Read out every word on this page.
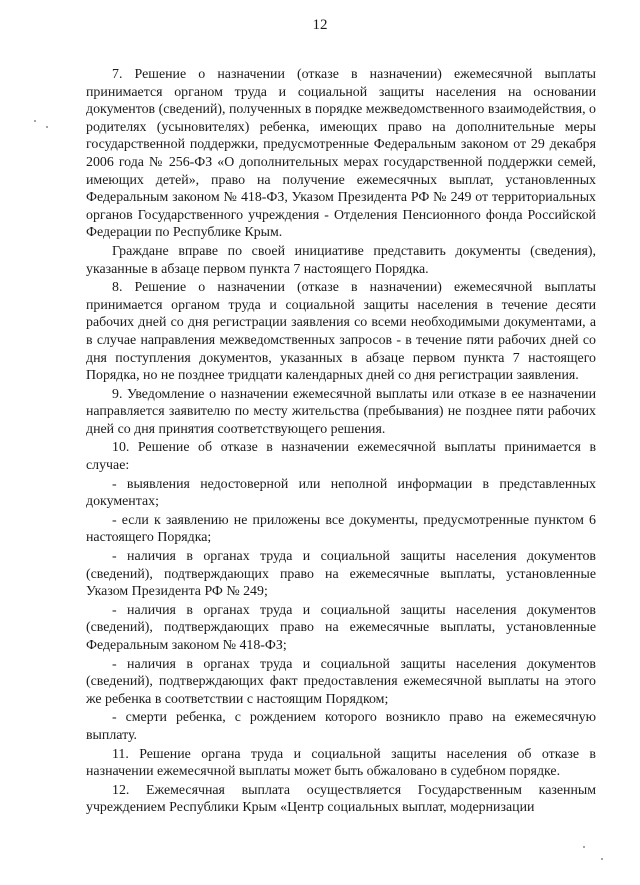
12

7. Решение о назначении (отказе в назначении) ежемесячной выплаты принимается органом труда и социальной защиты населения на основании документов (сведений), полученных в порядке межведомственного взаимодействия, о родителях (усыновителях) ребенка, имеющих право на дополнительные меры государственной поддержки, предусмотренные Федеральным законом от 29 декабря 2006 года № 256-ФЗ «О дополнительных мерах государственной поддержки семей, имеющих детей», право на получение ежемесячных выплат, установленных Федеральным законом № 418-ФЗ, Указом Президента РФ № 249 от территориальных органов Государственного учреждения - Отделения Пенсионного фонда Российской Федерации по Республике Крым.

Граждане вправе по своей инициативе представить документы (сведения), указанные в абзаце первом пункта 7 настоящего Порядка.

8. Решение о назначении (отказе в назначении) ежемесячной выплаты принимается органом труда и социальной защиты населения в течение десяти рабочих дней со дня регистрации заявления со всеми необходимыми документами, а в случае направления межведомственных запросов - в течение пяти рабочих дней со дня поступления документов, указанных в абзаце первом пункта 7 настоящего Порядка, но не позднее тридцати календарных дней со дня регистрации заявления.

9. Уведомление о назначении ежемесячной выплаты или отказе в ее назначении направляется заявителю по месту жительства (пребывания) не позднее пяти рабочих дней со дня принятия соответствующего решения.

10. Решение об отказе в назначении ежемесячной выплаты принимается в случае:

- выявления недостоверной или неполной информации в представленных документах;

- если к заявлению не приложены все документы, предусмотренные пунктом 6 настоящего Порядка;

- наличия в органах труда и социальной защиты населения документов (сведений), подтверждающих право на ежемесячные выплаты, установленные Указом Президента РФ № 249;

- наличия в органах труда и социальной защиты населения документов (сведений), подтверждающих право на ежемесячные выплаты, установленные Федеральным законом № 418-ФЗ;

- наличия в органах труда и социальной защиты населения документов (сведений), подтверждающих факт предоставления ежемесячной выплаты на этого же ребенка в соответствии с настоящим Порядком;

- смерти ребенка, с рождением которого возникло право на ежемесячную выплату.

11. Решение органа труда и социальной защиты населения об отказе в назначении ежемесячной выплаты может быть обжаловано в судебном порядке.

12. Ежемесячная выплата осуществляется Государственным казенным учреждением Республики Крым «Центр социальных выплат, модернизации
